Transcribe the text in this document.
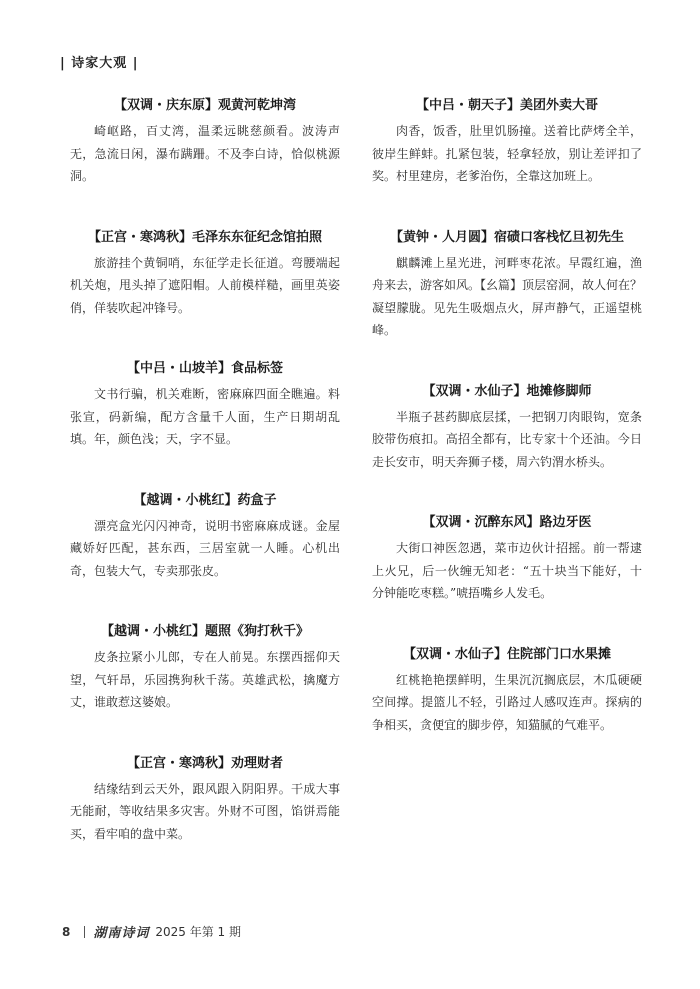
| 诗家大观 |
【双调・庆东原】观黄河乾坤湾
崎岖路，百丈湾，温柔远眺慈颜看。波涛声无，急流日闲，瀑布蹒跚。不及李白诗，恰似桃源洞。
【正宫・寒鸿秋】毛泽东东征纪念馆拍照
旅游挂个黄铜哨，东征学走长征道。弯腰端起机关炮，甩头掉了遮阳帽。人前模样糙，画里英姿俏，佯装吹起冲锋号。
【中吕・山坡羊】食品标签
文书行骗，机关难断，密麻麻四面全瞧遍。料张宣，码新编，配方含量千人面，生产日期胡乱填。年，颜色浅；天，字不显。
【越调・小桃红】药盒子
漂亮盒光闪闪神奇，说明书密麻麻成谜。金屋藏娇好匹配，甚东西，三居室就一人睡。心机出奇，包装大气，专卖那张皮。
【越调・小桃红】题照《狗打秋千》
皮条拉紧小儿郎，专在人前晃。东摆西摇仰天望，气轩昂，乐园携狗秋千荡。英雄武松，擒魔方丈，谁敢惹这婆娘。
【正宫・寒鸿秋】劝理财者
结缘结到云天外，跟风跟入阴阳界。干成大事无能耐，等收结果多灾害。外财不可图，馅饼焉能买，看牢咱的盘中菜。
【中吕・朝天子】美团外卖大哥
肉香，饭香，肚里饥肠撞。送着比萨烤全羊，彼岸生鲜蚌。扎紧包装，轻拿轻放，别让差评扣了奖。村里建房，老爹治伤，全靠这加班上。
【黄钟・人月圆】宿碛口客栈忆旦初先生
麒麟滩上星光进，河畔枣花浓。早霞红遍，渔舟来去，游客如风。【幺篇】顶层窑洞，故人何在？凝望朦胧。见先生吸烟点火，屏声静气，正遥望桃峰。
【双调・水仙子】地摊修脚师
半瓶子甚药脚底层揉，一把钢刀肉眼钩，宽条胶带伤痕扣。高招全都有，比专家十个还油。今日走长安市，明天奔狮子楼，周六钓渭水桥头。
【双调・沉醉东风】路边牙医
大街口神医忽遇，菜市边伙计招摇。前一帮逮上火兄，后一伙缠无知老：“五十块当下能好，十分钟能吃枣糕。”唬捂嘴乡人发毛。
【双调・水仙子】住院部门口水果摊
红桃艳艳摆鲜明，生果沉沉搁底层，木瓜硬硬空间撑。提篮儿不轻，引路过人感叹连声。探病的争相买，贪便宜的脚步停，知猫腻的气难平。
8 湖南诗词 2025 年第 1 期
